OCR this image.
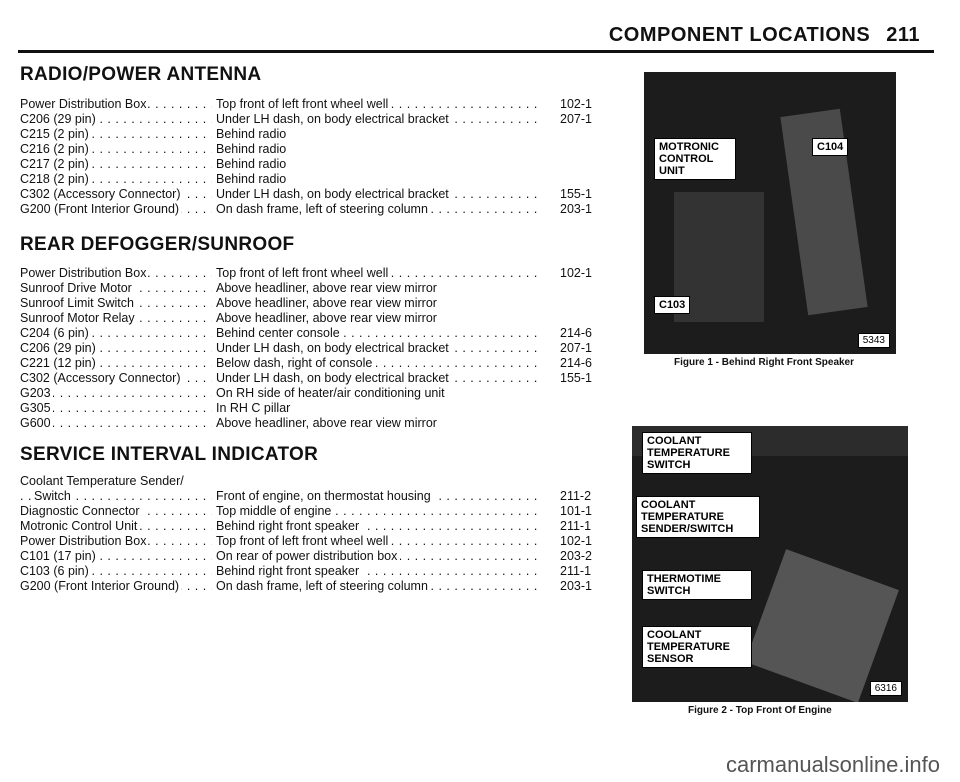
COMPONENT LOCATIONS 211
RADIO/POWER ANTENNA
Power Distribution Box . . .	Top front of left front wheel well . . .	102-1
C206 (29 pin) . . .	Under LH dash, on body electrical bracket . . .	207-1
C215 (2 pin) . . .	Behind radio
C216 (2 pin) . . .	Behind radio
C217 (2 pin) . . .	Behind radio
C218 (2 pin) . . .	Behind radio
C302 (Accessory Connector) . . .	Under LH dash, on body electrical bracket . . .	155-1
G200 (Front Interior Ground) . . .	On dash frame, left of steering column . . .	203-1
REAR DEFOGGER/SUNROOF
Power Distribution Box . . .	Top front of left front wheel well . . .	102-1
Sunroof Drive Motor . . .	Above headliner, above rear view mirror
Sunroof Limit Switch . . .	Above headliner, above rear view mirror
Sunroof Motor Relay . . .	Above headliner, above rear view mirror
C204 (6 pin) . . .	Behind center console . . .	214-6
C206 (29 pin) . . .	Under LH dash, on body electrical bracket . . .	207-1
C221 (12 pin) . . .	Below dash, right of console . . .	214-6
C302 (Accessory Connector) . . .	Under LH dash, on body electrical bracket . . .	155-1
G203 . . .	On RH side of heater/air conditioning unit
G305 . . .	In RH C pillar
G600 . . .	Above headliner, above rear view mirror
SERVICE INTERVAL INDICATOR
Coolant Temperature Sender/
Switch . . .	Front of engine, on thermostat housing . . .	211-2
Diagnostic Connector . . .	Top middle of engine . . .	101-1
Motronic Control Unit . . .	Behind right front speaker . . .	211-1
Power Distribution Box . . .	Top front of left front wheel well . . .	102-1
C101 (17 pin) . . .	On rear of power distribution box . . .	203-2
C103 (6 pin) . . .	Behind right front speaker . . .	211-1
G200 (Front Interior Ground) . . .	On dash frame, left of steering column . . .	203-1
MOTRONIC CONTROL UNIT
C104
C103
5343
Figure 1 - Behind Right Front Speaker
COOLANT TEMPERATURE SWITCH
COOLANT TEMPERATURE SENDER/SWITCH
THERMOTIME SWITCH
COOLANT TEMPERATURE SENSOR
6316
Figure 2 - Top Front Of Engine
carmanualsonline.info
